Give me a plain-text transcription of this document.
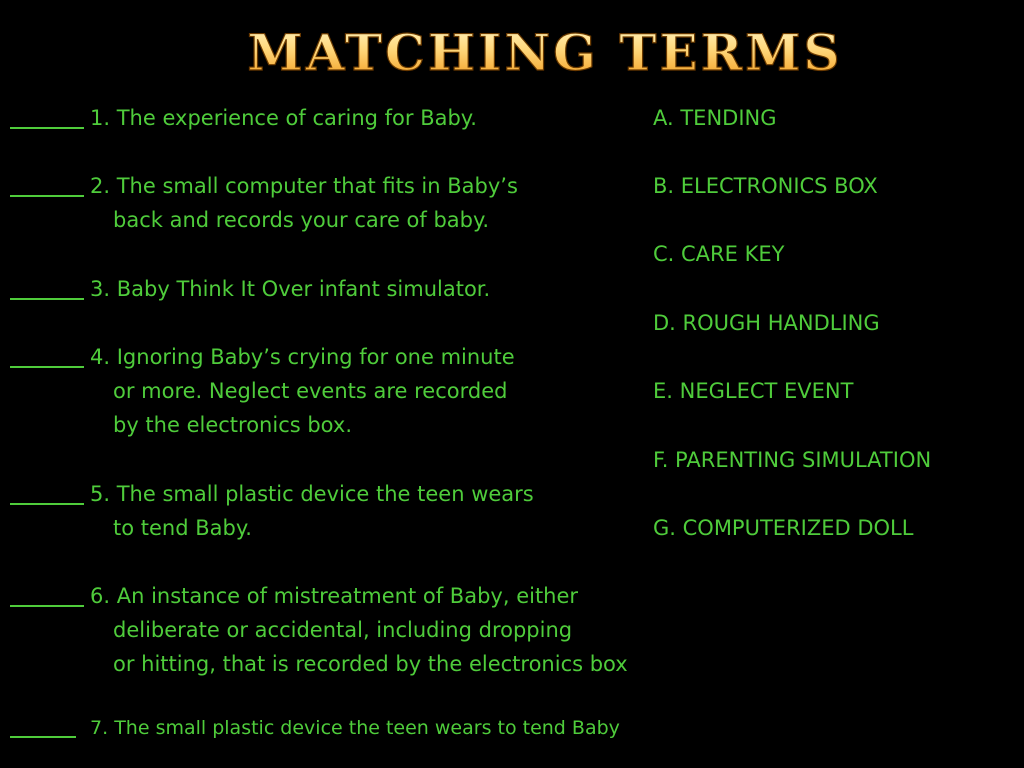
MATCHING TERMS
1. The experience of caring for Baby.
2. The small computer that fits in Baby’s
back and records your care of baby.
3. Baby Think It Over infant simulator.
4. Ignoring Baby’s crying for one minute
or more. Neglect events are recorded
by the electronics box.
5. The small plastic device the teen wears
to tend Baby.
6. An instance of mistreatment of Baby, either
deliberate or accidental, including dropping
or hitting, that is recorded by the electronics box
7. The small plastic device the teen wears to tend Baby
A. TENDING
B. ELECTRONICS BOX
C. CARE KEY
D. ROUGH HANDLING
E. NEGLECT EVENT
F. PARENTING SIMULATION
G. COMPUTERIZED DOLL
